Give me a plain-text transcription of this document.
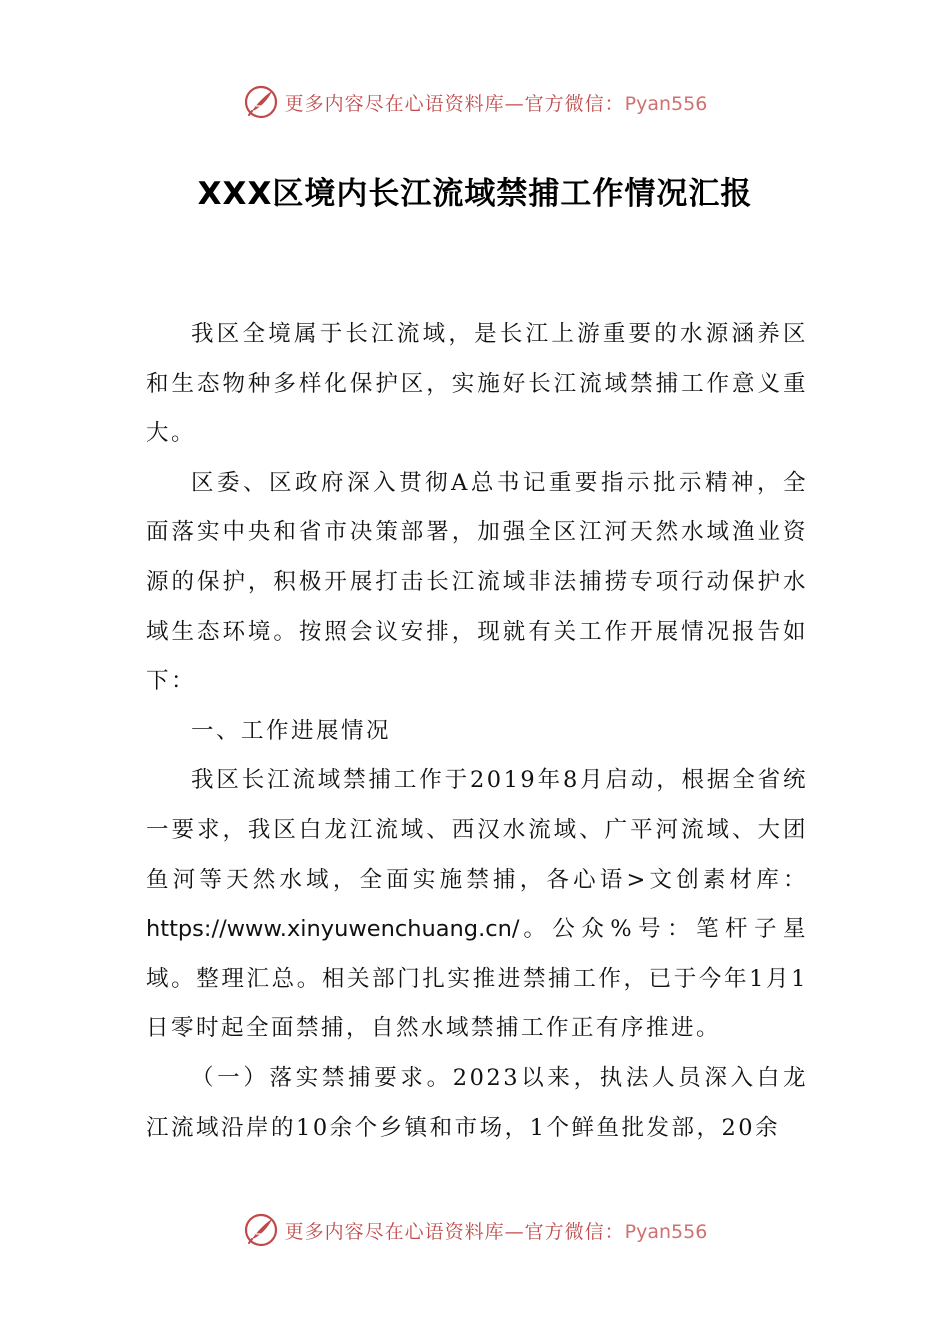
更多内容尽在心语资料库—官方微信：Pyan556
XXX区境内长江流域禁捕工作情况汇报

我区全境属于长江流域，是长江上游重要的水源涵养区和生态物种多样化保护区，实施好长江流域禁捕工作意义重大。

区委、区政府深入贯彻A总书记重要指示批示精神，全面落实中央和省市决策部署，加强全区江河天然水域渔业资源的保护，积极开展打击长江流域非法捕捞专项行动保护水域生态环境。按照会议安排，现就有关工作开展情况报告如下：

一、工作进展情况

我区长江流域禁捕工作于2019年8月启动，根据全省统一要求，我区白龙江流域、西汉水流域、广平河流域、大团鱼河等天然水域，全面实施禁捕，各心语>文创素材库：https://www.xinyuwenchuang.cn/。公众%号：笔杆子星域。整理汇总。相关部门扎实推进禁捕工作，已于今年1月1日零时起全面禁捕，自然水域禁捕工作正有序推进。

（一）落实禁捕要求。2023以来，执法人员深入白龙江流域沿岸的10余个乡镇和市场，1个鲜鱼批发部，20余

更多内容尽在心语资料库—官方微信：Pyan556
